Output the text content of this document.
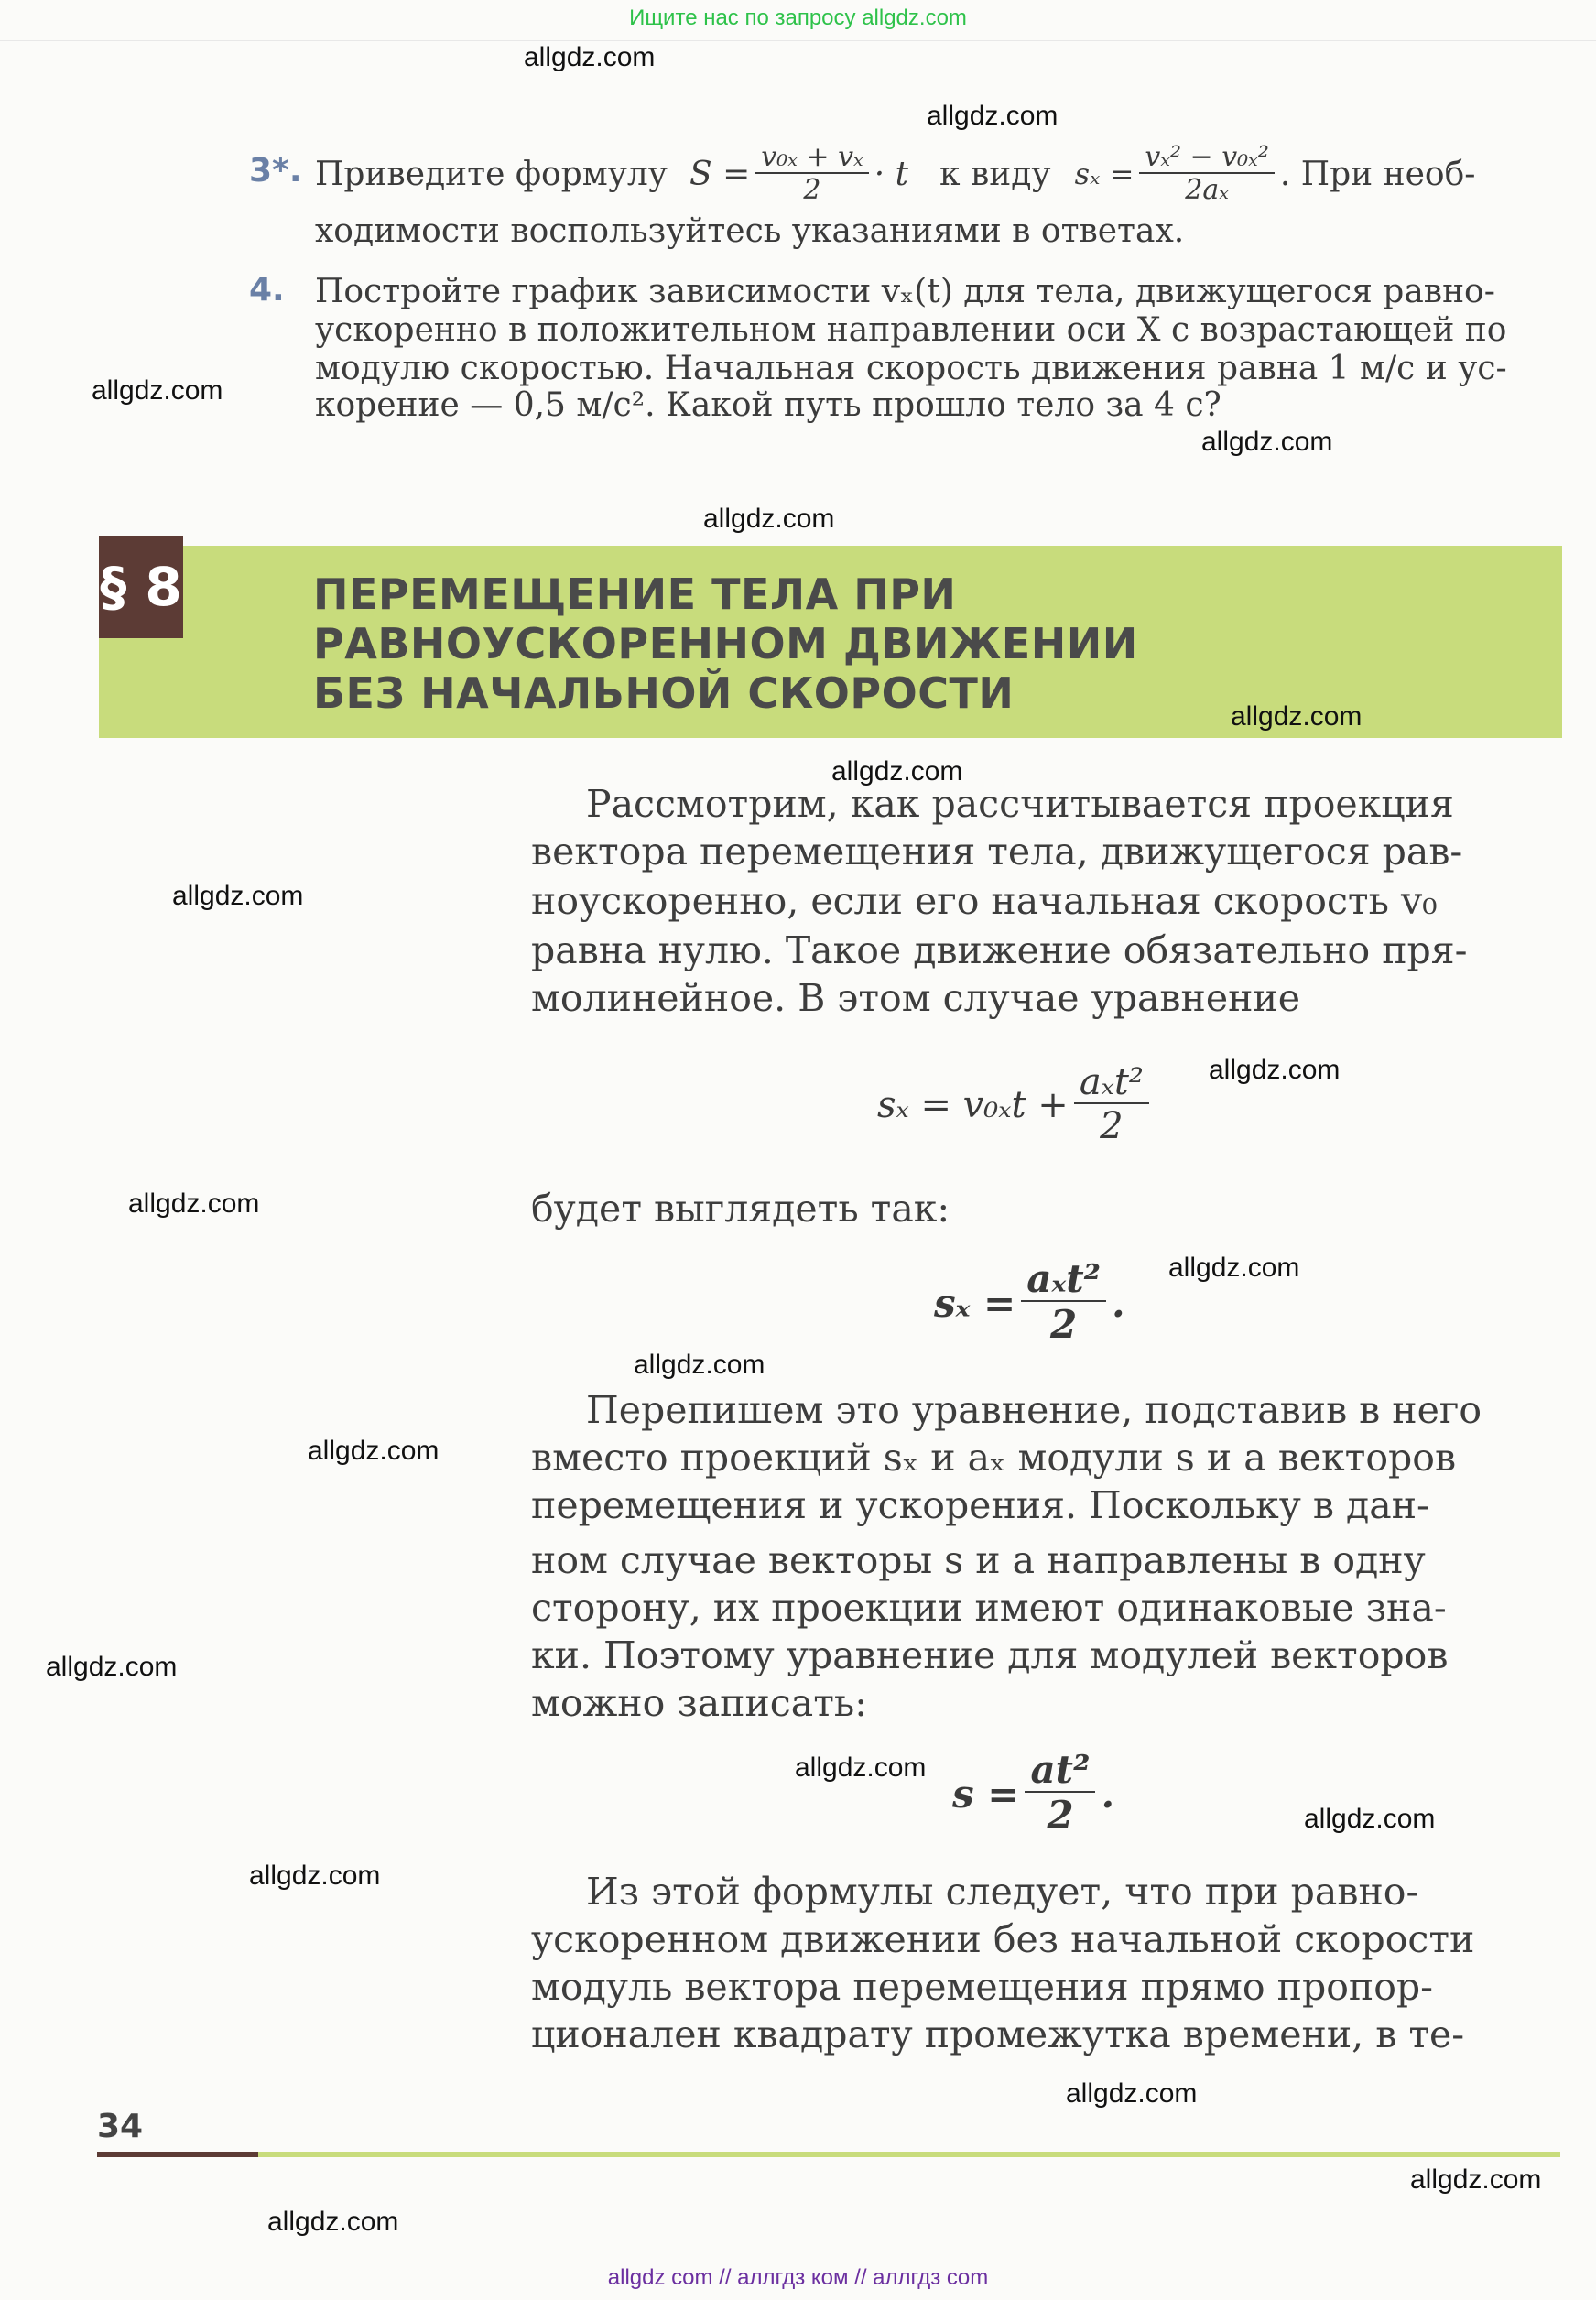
Ищите нас по запросу allgdz.com
3*. Приведите формулу $S = \frac{\text{v₀ₓ + vₓ}}{2} \cdot t$ к виду $s_x = \frac{\text{vₓ² − v₀ₓ²}}{\text{2aₓ}}$ . При необ-
ходимости воспользуйтесь указаниями в ответах.
4. Постройте график зависимости vₓ(t) для тела, движущегося равно-
ускоренно в положительном направлении оси X с возрастающей по
модулю скоростью. Начальная скорость движения равна 1 м/с и ус-
корение — 0,5 м/с². Какой путь прошло тело за 4 с?
§ 8	ПЕРЕМЕЩЕНИЕ ТЕЛА ПРИ
РАВНОУСКОРЕННОМ ДВИЖЕНИИ
БЕЗ НАЧАЛЬНОЙ СКОРОСТИ
Рассмотрим, как рассчитывается проекция
вектора перемещения тела, движущегося рав-
ноускоренно, если его начальная скорость v₀
равна нулю. Такое движение обязательно пря-
молинейное. В этом случае уравнение
$s_x = v_{0x}t + \frac{\text{aₓt²}}{2}$
будет выглядеть так:
$s_x = \frac{\text{aₓt²}}{2}$ .
Перепишем это уравнение, подставив в него
вместо проекций sₓ и aₓ модули s и a векторов
перемещения и ускорения. Поскольку в дан-
ном случае векторы s и a направлены в одну
сторону, их проекции имеют одинаковые зна-
ки. Поэтому уравнение для модулей векторов
можно записать:
$s = \frac{\text{at²}}{2}$ .
Из этой формулы следует, что при равно-
ускоренном движении без начальной скорости
модуль вектора перемещения прямо пропор-
ционален квадрату промежутка времени, в те-
34
allgdz.com
allgdz.com
allgdz.com
allgdz.com
allgdz.com
allgdz.com
allgdz.com
allgdz.com
allgdz.com
allgdz.com
allgdz.com
allgdz.com
allgdz.com
allgdz.com
allgdz.com
allgdz.com
allgdz.com
allgdz.com
allgdz.com
allgdz.com
allgdz com // аллгдз ком // аллгдз com
